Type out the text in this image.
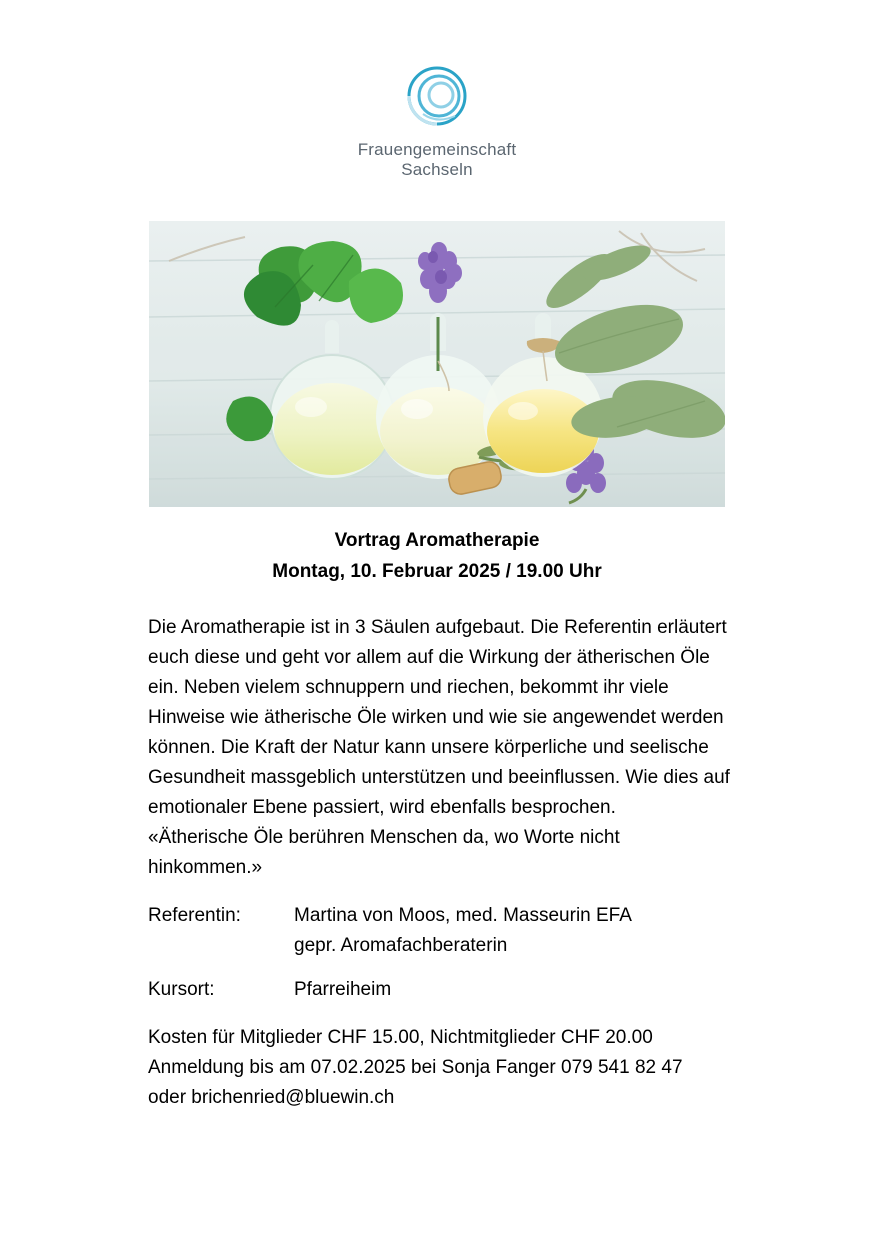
Frauengemeinschaft
Sachseln
Vortrag Aromatherapie
Montag, 10. Februar 2025 / 19.00 Uhr

Die Aromatherapie ist in 3 Säulen aufgebaut. Die Referentin erläutert euch diese und geht vor allem auf die Wirkung der ätherischen Öle ein. Neben vielem schnuppern und riechen, bekommt ihr viele Hinweise wie ätherische Öle wirken und wie sie angewendet werden können. Die Kraft der Natur kann unsere körperliche und seelische Gesundheit massgeblich unterstützen und beeinflussen. Wie dies auf emotionaler Ebene passiert, wird ebenfalls besprochen.

«Ätherische Öle berühren Menschen da, wo Worte nicht hinkommen.»

Referentin:	Martina von Moos, med. Masseurin EFA
gepr. Aromafachberaterin
Kursort:	Pfarreiheim
Kosten für Mitglieder CHF 15.00, Nichtmitglieder CHF 20.00
Anmeldung bis am 07.02.2025 bei Sonja Fanger 079 541 82 47
oder brichenried@bluewin.ch
